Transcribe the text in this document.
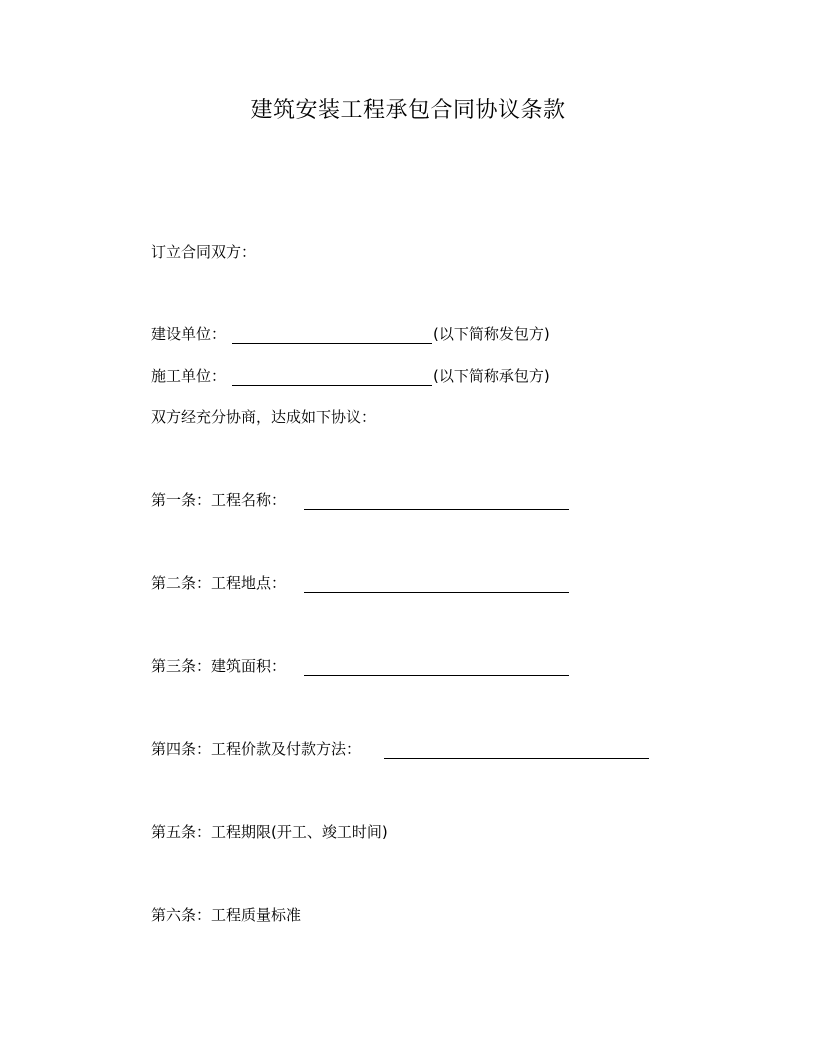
建筑安装工程承包合同协议条款
订立合同双方：
建设单位：	(以下简称发包方)
施工单位：	(以下简称承包方)
双方经充分协商，达成如下协议：
第一条：工程名称：
第二条：工程地点：
第三条：建筑面积：
第四条：工程价款及付款方法：
第五条：工程期限(开工、竣工时间)
第六条：工程质量标准
